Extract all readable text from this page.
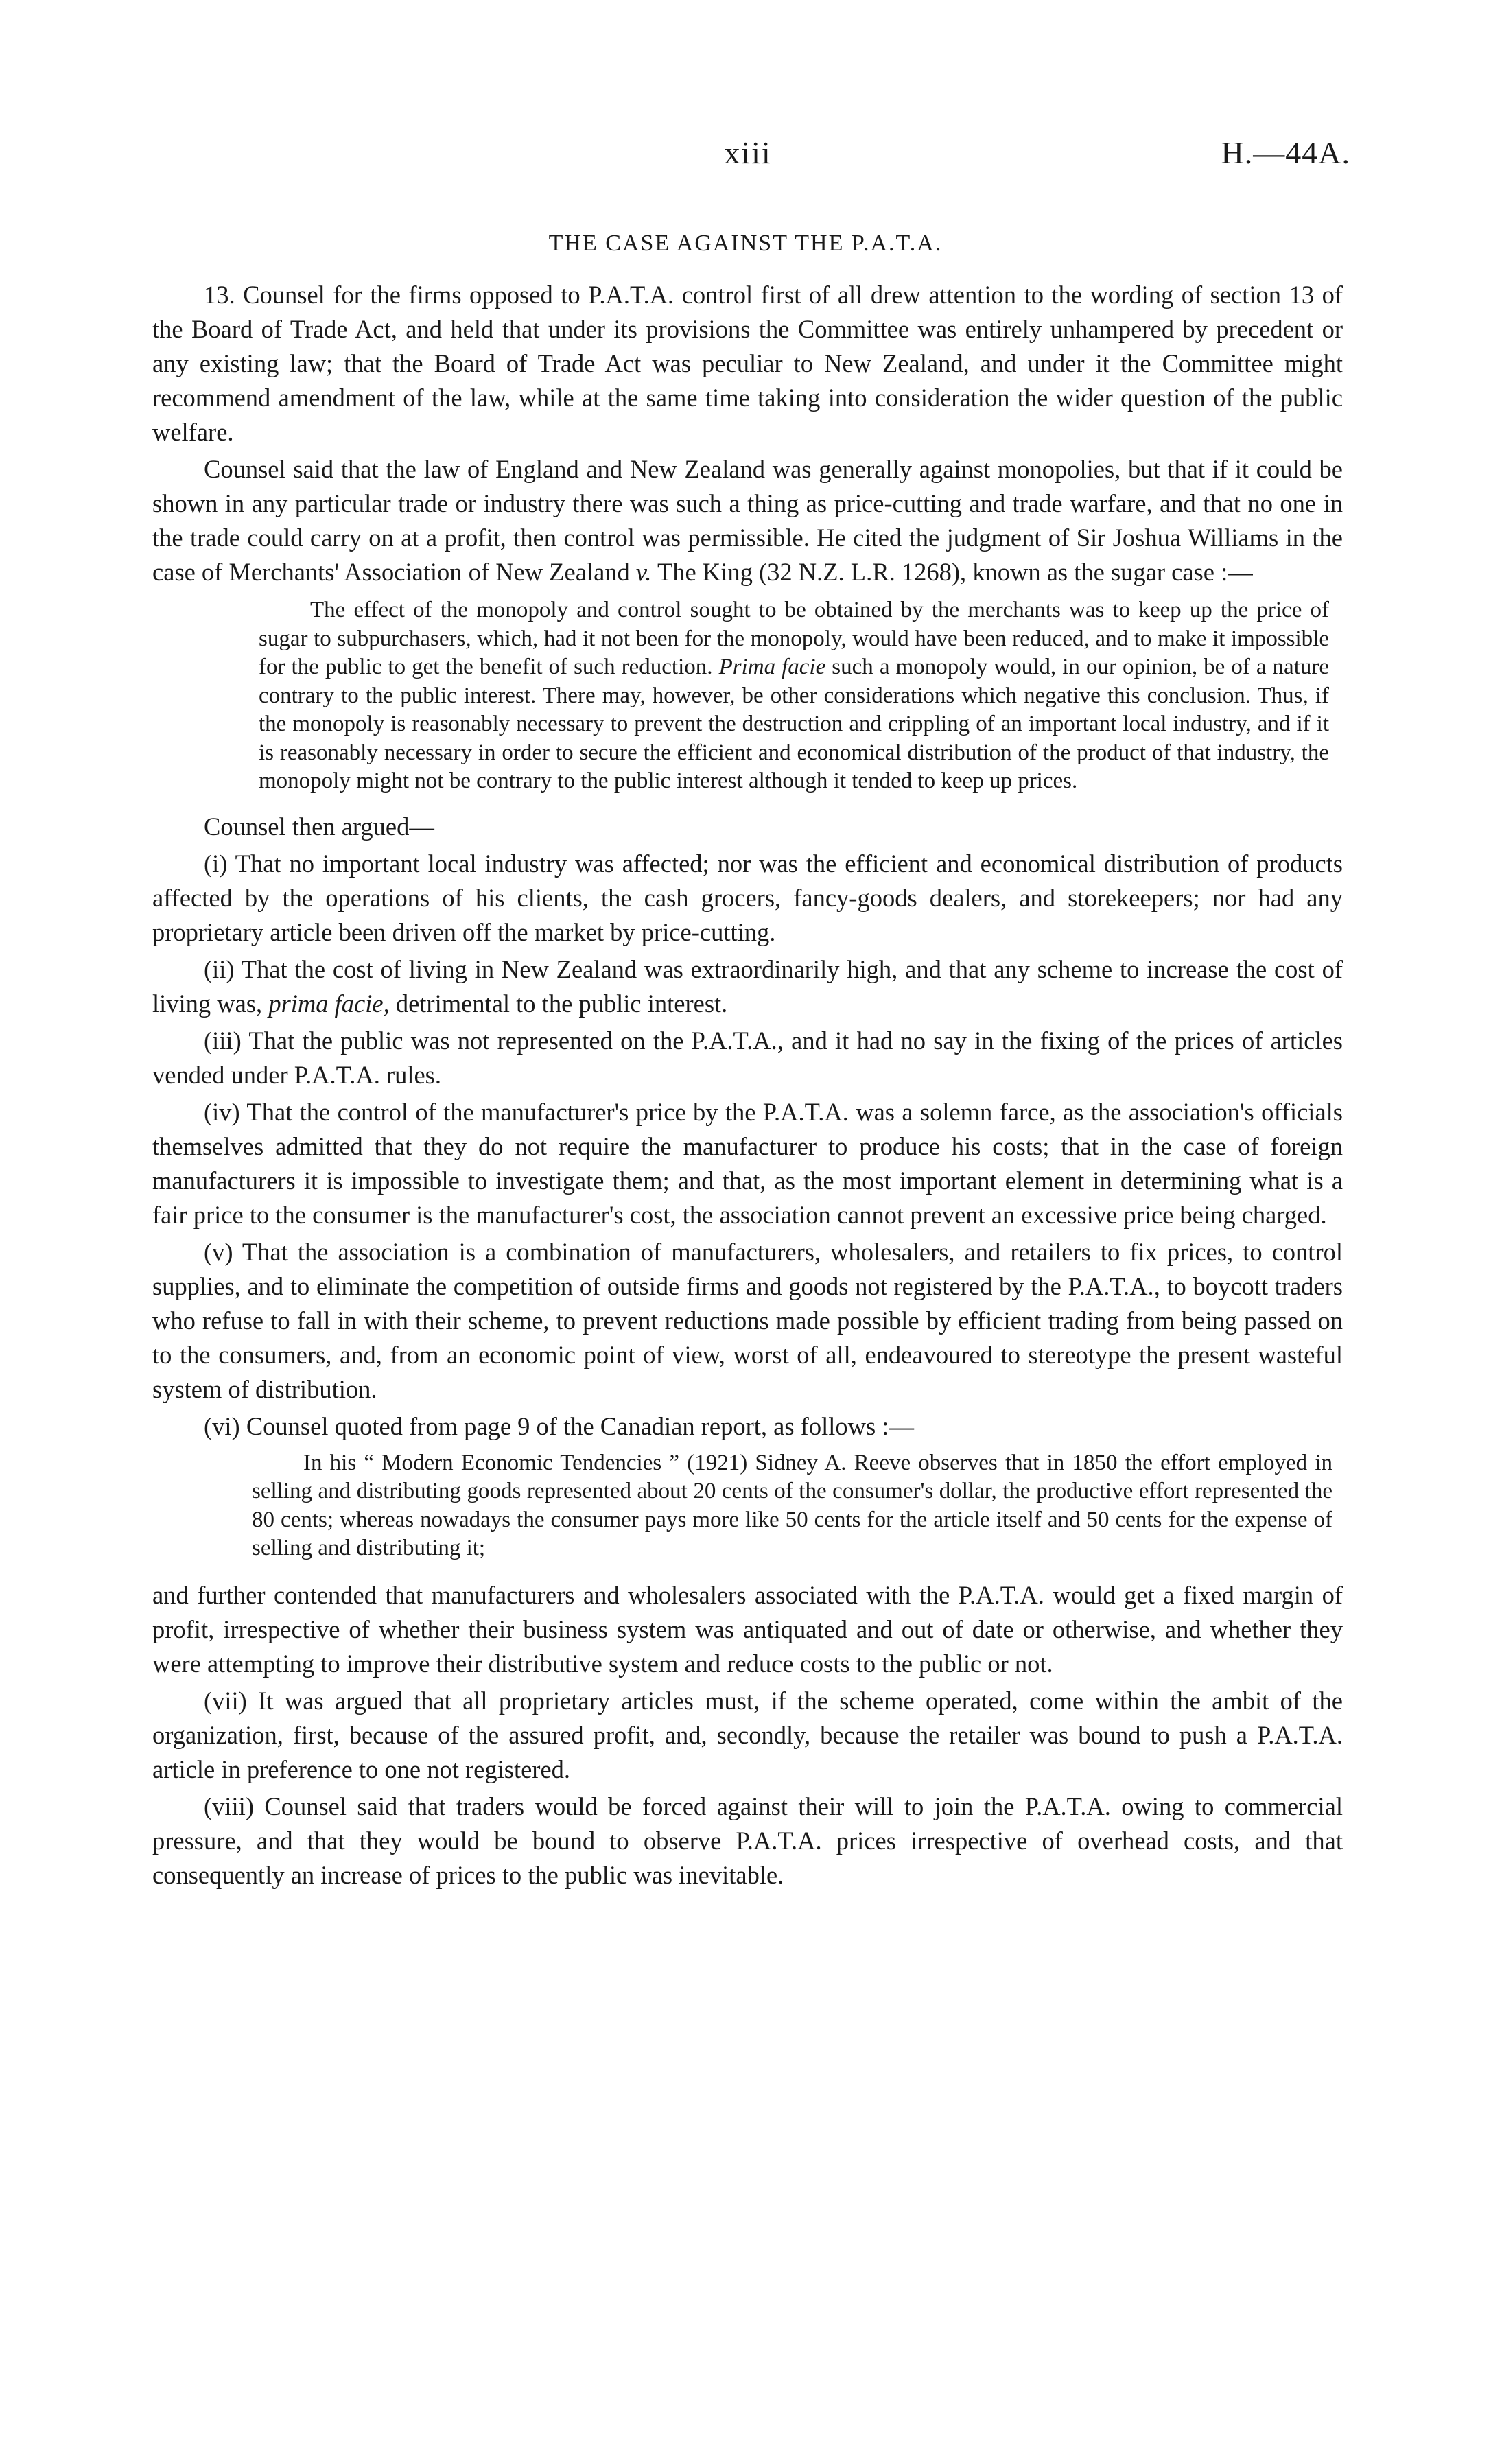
xiii	H.—44A.
THE CASE AGAINST THE P.A.T.A.

13. Counsel for the firms opposed to P.A.T.A. control first of all drew attention to the wording of section 13 of the Board of Trade Act, and held that under its provisions the Committee was entirely unhampered by precedent or any existing law; that the Board of Trade Act was peculiar to New Zealand, and under it the Committee might recommend amendment of the law, while at the same time taking into consideration the wider question of the public welfare.

Counsel said that the law of England and New Zealand was generally against monopolies, but that if it could be shown in any particular trade or industry there was such a thing as price-cutting and trade warfare, and that no one in the trade could carry on at a profit, then control was permissible. He cited the judgment of Sir Joshua Williams in the case of Merchants' Association of New Zealand v. The King (32 N.Z. L.R. 1268), known as the sugar case :—

The effect of the monopoly and control sought to be obtained by the merchants was to keep up the price of sugar to subpurchasers, which, had it not been for the monopoly, would have been reduced, and to make it impossible for the public to get the benefit of such reduction. Prima facie such a monopoly would, in our opinion, be of a nature contrary to the public interest. There may, however, be other considerations which negative this conclusion. Thus, if the monopoly is reasonably necessary to prevent the destruction and crippling of an important local industry, and if it is reasonably necessary in order to secure the efficient and economical distribution of the product of that industry, the monopoly might not be contrary to the public interest although it tended to keep up prices.

Counsel then argued—

(i) That no important local industry was affected; nor was the efficient and economical distribution of products affected by the operations of his clients, the cash grocers, fancy-goods dealers, and storekeepers; nor had any proprietary article been driven off the market by price-cutting.

(ii) That the cost of living in New Zealand was extraordinarily high, and that any scheme to increase the cost of living was, prima facie, detrimental to the public interest.

(iii) That the public was not represented on the P.A.T.A., and it had no say in the fixing of the prices of articles vended under P.A.T.A. rules.

(iv) That the control of the manufacturer's price by the P.A.T.A. was a solemn farce, as the association's officials themselves admitted that they do not require the manufacturer to produce his costs; that in the case of foreign manufacturers it is impossible to investigate them; and that, as the most important element in determining what is a fair price to the consumer is the manufacturer's cost, the association cannot prevent an excessive price being charged.

(v) That the association is a combination of manufacturers, wholesalers, and retailers to fix prices, to control supplies, and to eliminate the competition of outside firms and goods not registered by the P.A.T.A., to boycott traders who refuse to fall in with their scheme, to prevent reductions made possible by efficient trading from being passed on to the consumers, and, from an economic point of view, worst of all, endeavoured to stereotype the present wasteful system of distribution.

(vi) Counsel quoted from page 9 of the Canadian report, as follows :—

In his “ Modern Economic Tendencies ” (1921) Sidney A. Reeve observes that in 1850 the effort employed in selling and distributing goods represented about 20 cents of the consumer's dollar, the productive effort represented the 80 cents; whereas nowadays the consumer pays more like 50 cents for the article itself and 50 cents for the expense of selling and distributing it;

and further contended that manufacturers and wholesalers associated with the P.A.T.A. would get a fixed margin of profit, irrespective of whether their business system was antiquated and out of date or otherwise, and whether they were attempting to improve their distributive system and reduce costs to the public or not.

(vii) It was argued that all proprietary articles must, if the scheme operated, come within the ambit of the organization, first, because of the assured profit, and, secondly, because the retailer was bound to push a P.A.T.A. article in preference to one not registered.

(viii) Counsel said that traders would be forced against their will to join the P.A.T.A. owing to commercial pressure, and that they would be bound to observe P.A.T.A. prices irrespective of overhead costs, and that consequently an increase of prices to the public was inevitable.
